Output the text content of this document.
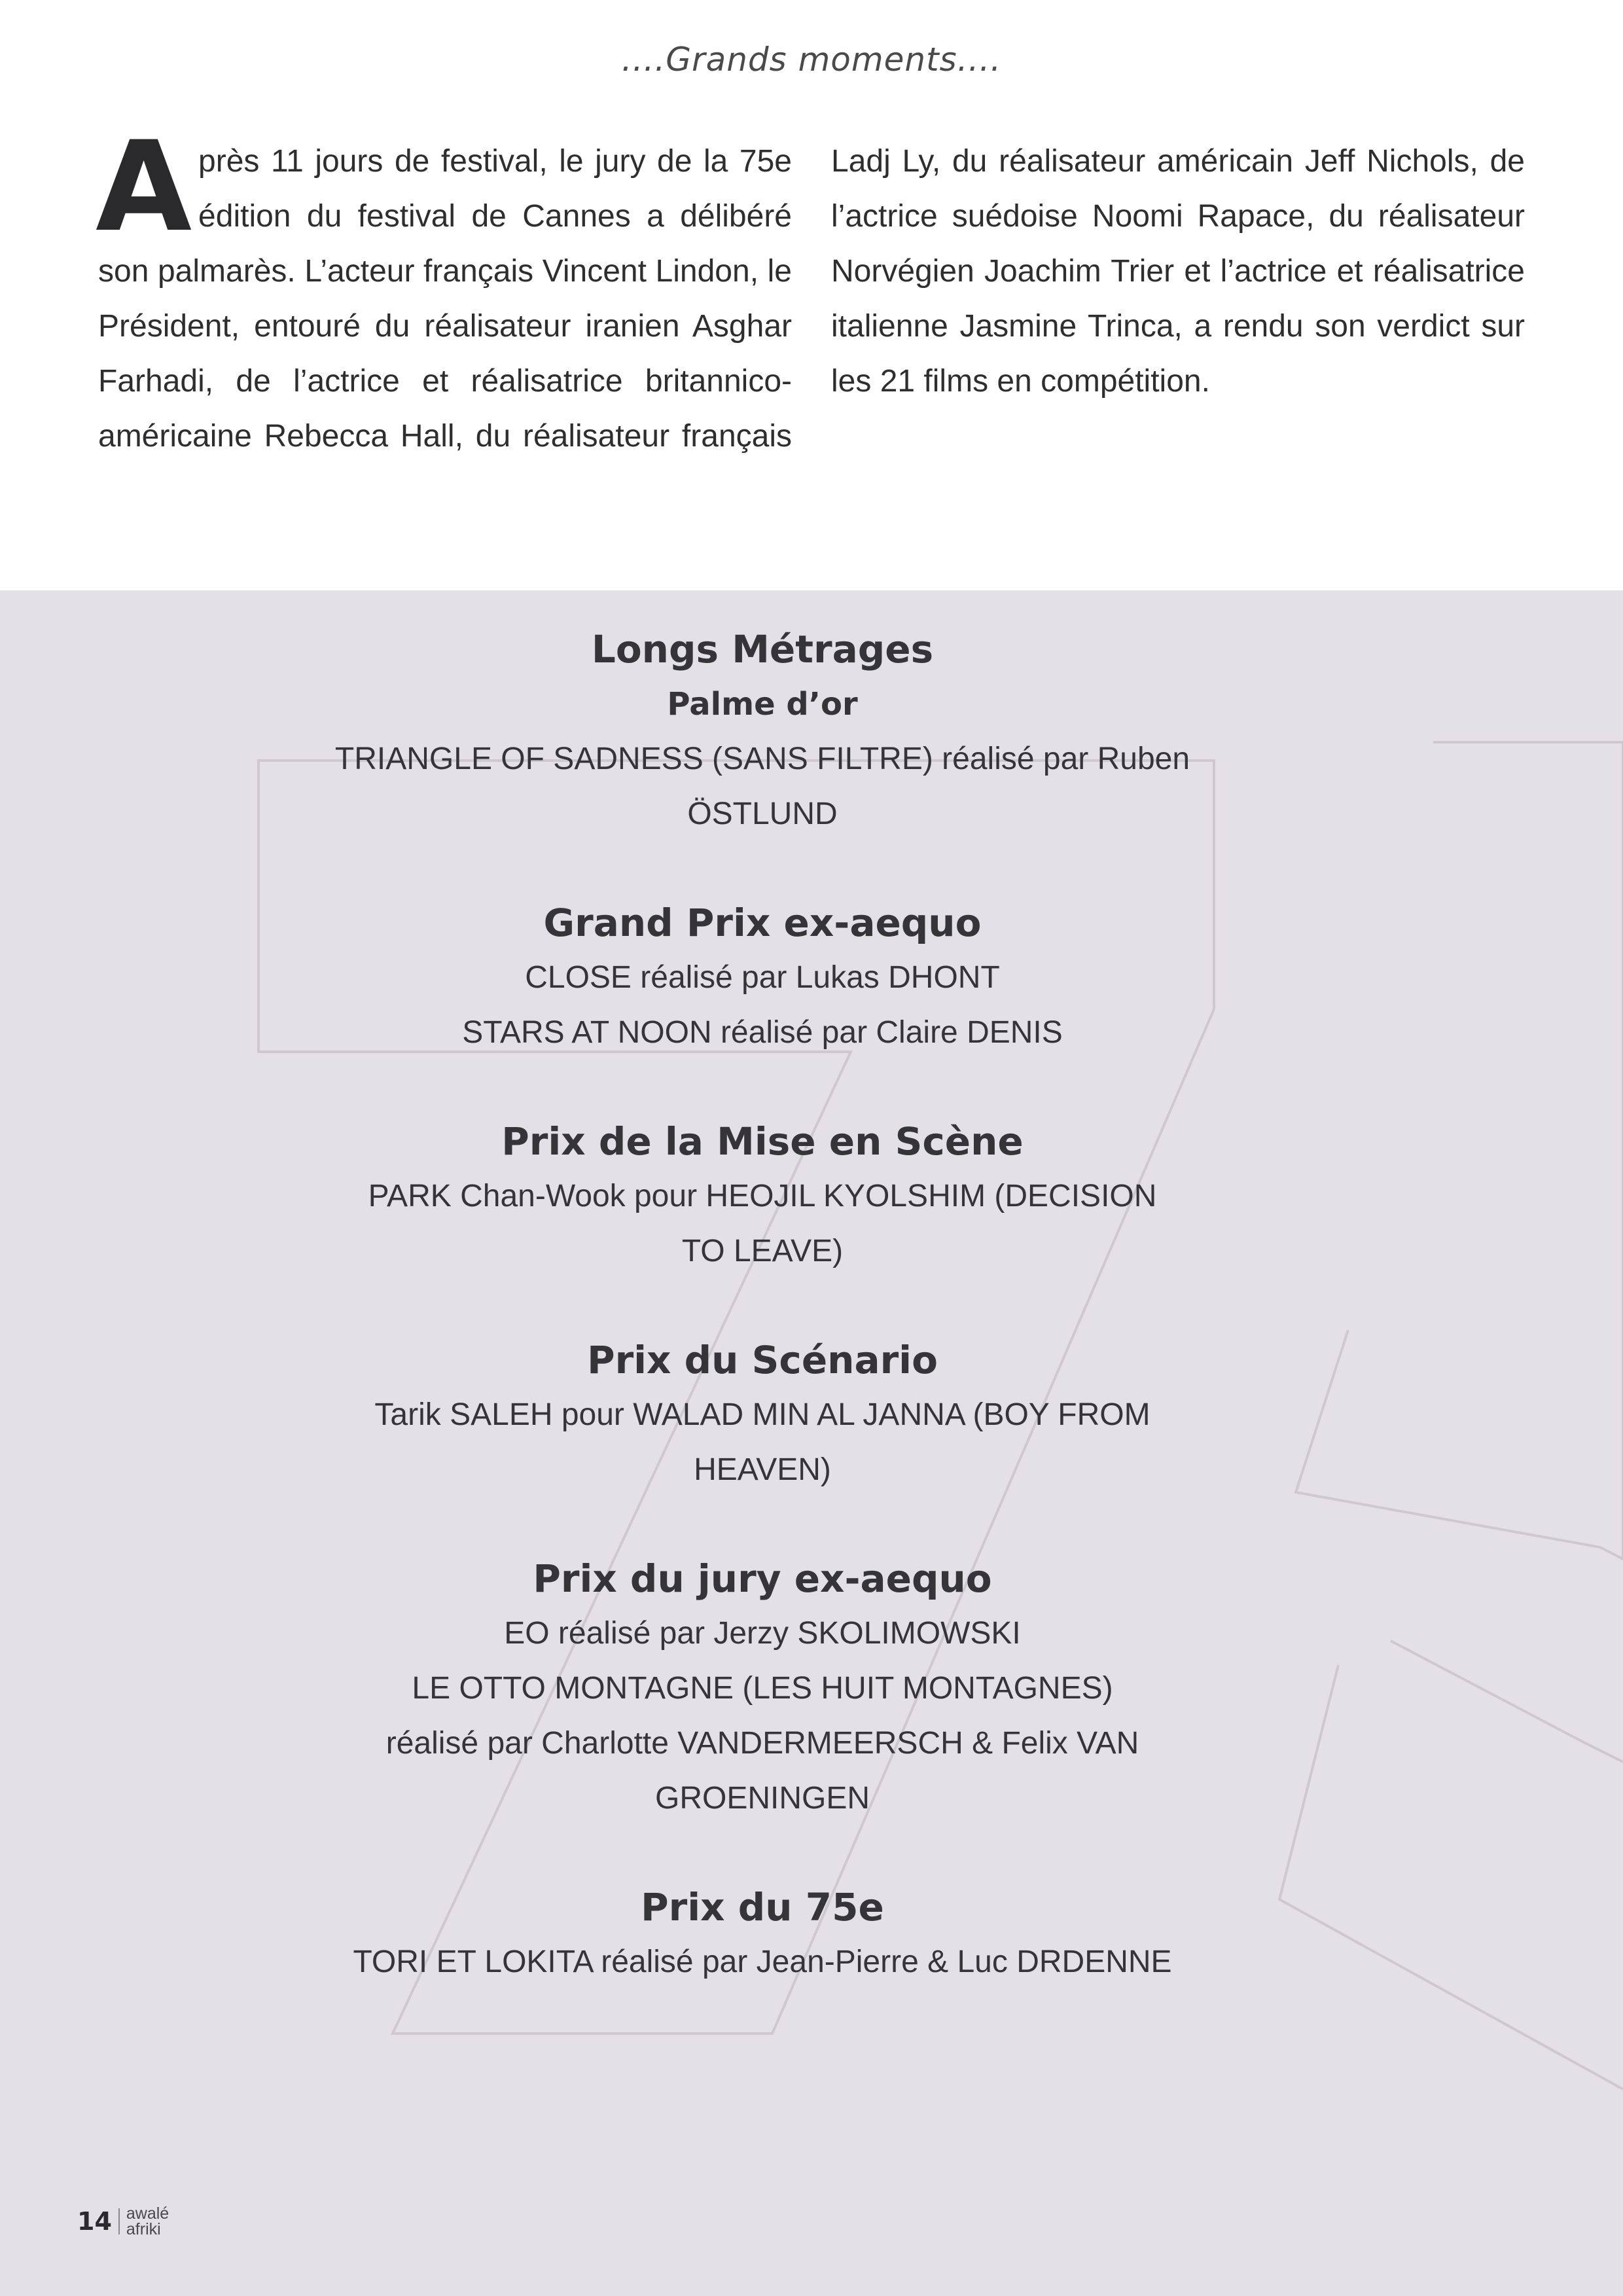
....Grands moments....
Après 11 jours de festival, le jury de la 75e édition du festival de Cannes a délibéré son palmarès. L’acteur français Vincent Lindon, le Président, entouré du réalisateur iranien Asghar Farhadi, de l’actrice et réalisatrice britannico-américaine Rebecca Hall, du réalisateur français Ladj Ly, du réalisateur américain Jeff Nichols, de l’actrice suédoise Noomi Rapace, du réalisateur Norvégien Joachim Trier et l’actrice et réalisatrice italienne Jasmine Trinca, a rendu son verdict sur les 21 films en compétition.
Longs Métrages
Palme d’or
TRIANGLE OF SADNESS (SANS FILTRE) réalisé par Ruben
ÖSTLUND
Grand Prix ex-aequo
CLOSE réalisé par Lukas DHONT
STARS AT NOON réalisé par Claire DENIS
Prix de la Mise en Scène
PARK Chan-Wook pour HEOJIL KYOLSHIM (DECISION
TO LEAVE)
Prix du Scénario
Tarik SALEH pour WALAD MIN AL JANNA (BOY FROM
HEAVEN)
Prix du jury ex-aequo
EO réalisé par Jerzy SKOLIMOWSKI
LE OTTO MONTAGNE (LES HUIT MONTAGNES)
réalisé par Charlotte VANDERMEERSCH & Felix VAN
GROENINGEN
Prix du 75e
TORI ET LOKITA réalisé par Jean-Pierre & Luc DRDENNE
14 awalé
afriki
